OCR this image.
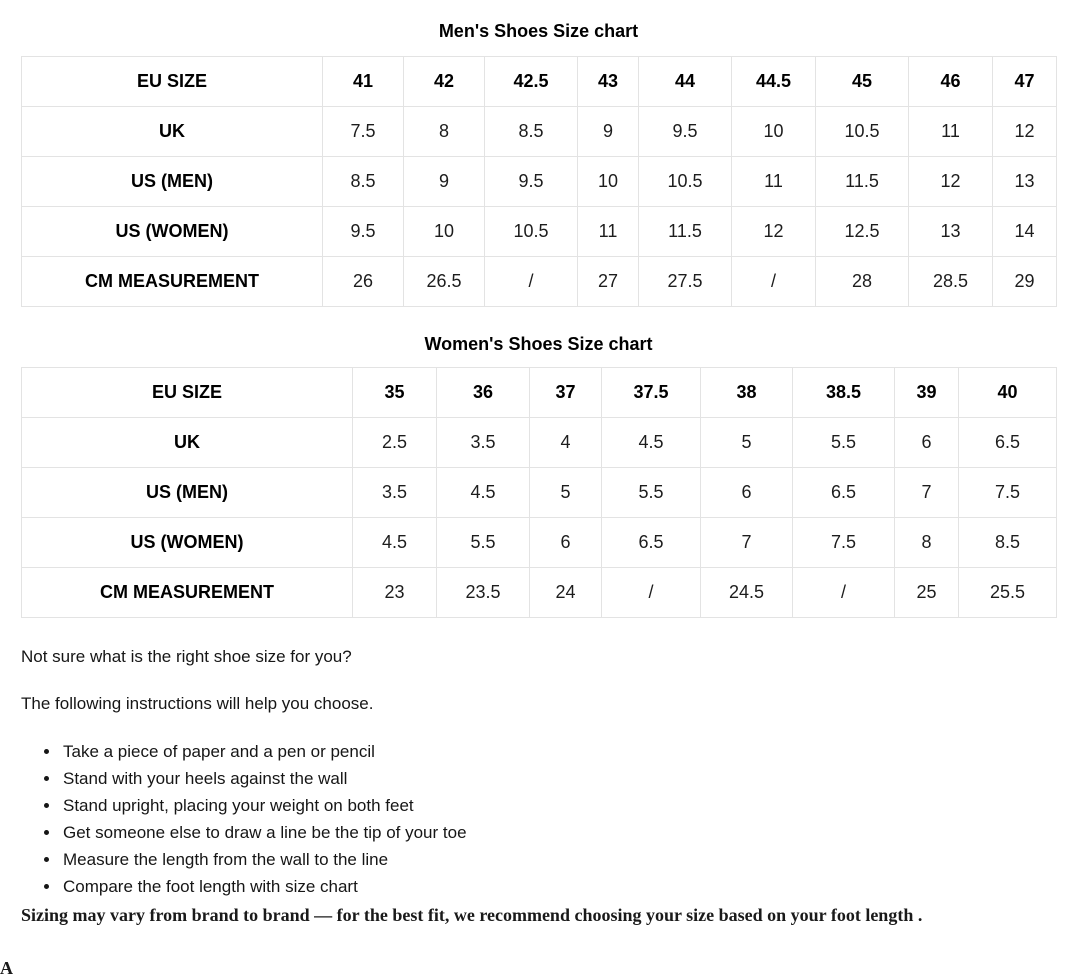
Men's Shoes Size chart
EU SIZE	41	42	42.5	43	44	44.5	45	46	47
UK	7.5	8	8.5	9	9.5	10	10.5	11	12
US (MEN)	8.5	9	9.5	10	10.5	11	11.5	12	13
US (WOMEN)	9.5	10	10.5	11	11.5	12	12.5	13	14
CM MEASUREMENT	26	26.5	/	27	27.5	/	28	28.5	29
Women's Shoes Size chart
EU SIZE	35	36	37	37.5	38	38.5	39	40
UK	2.5	3.5	4	4.5	5	5.5	6	6.5
US (MEN)	3.5	4.5	5	5.5	6	6.5	7	7.5
US (WOMEN)	4.5	5.5	6	6.5	7	7.5	8	8.5
CM MEASUREMENT	23	23.5	24	/	24.5	/	25	25.5

Not sure what is the right shoe size for you?

The following instructions will help you choose.

• Take a piece of paper and a pen or pencil
• Stand with your heels against the wall
• Stand upright, placing your weight on both feet
• Get someone else to draw a line be the tip of your toe
• Measure the length from the wall to the line
• Compare the foot length with size chart

Sizing may vary from brand to brand — for the best fit, we recommend choosing your size based on your foot length .

A
